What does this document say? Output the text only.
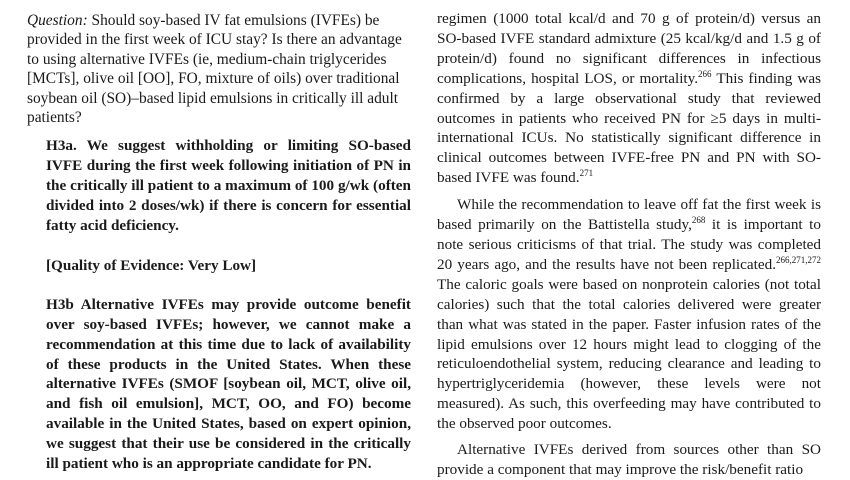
Question: Should soy-based IV fat emulsions (IVFEs) be provided in the first week of ICU stay? Is there an advantage to using alternative IVFEs (ie, medium-chain triglycerides [MCTs], olive oil [OO], FO, mixture of oils) over traditional soybean oil (SO)–based lipid emulsions in critically ill adult patients?

H3a. We suggest withholding or limiting SO-based IVFE during the first week following initiation of PN in the critically ill patient to a maximum of 100 g/wk (often divided into 2 doses/wk) if there is concern for essential fatty acid deficiency.

[Quality of Evidence: Very Low]

H3b Alternative IVFEs may provide outcome benefit over soy-based IVFEs; however, we cannot make a recommendation at this time due to lack of availability of these products in the United States. When these alternative IVFEs (SMOF [soybean oil, MCT, olive oil, and fish oil emulsion], MCT, OO, and FO) become available in the United States, based on expert opinion, we suggest that their use be considered in the critically ill patient who is an appropriate candidate for PN.

regimen (1000 total kcal/d and 70 g of protein/d) versus an SO-based IVFE standard admixture (25 kcal/kg/d and 1.5 g of protein/d) found no significant differences in infectious complications, hospital LOS, or mortality.$^{266}$ This finding was confirmed by a large observational study that reviewed outcomes in patients who received PN for ≥5 days in multi-international ICUs. No statistically significant difference in clinical outcomes between IVFE-free PN and PN with SO-based IVFE was found.$^{271}$

While the recommendation to leave off fat the first week is based primarily on the Battistella study,$^{268}$ it is important to note serious criticisms of that trial. The study was completed 20 years ago, and the results have not been replicated.$^{266,271,272}$ The caloric goals were based on nonprotein calories (not total calories) such that the total calories delivered were greater than what was stated in the paper. Faster infusion rates of the lipid emulsions over 12 hours might lead to clogging of the reticuloendothelial system, reducing clearance and leading to hypertriglyceridemia (however, these levels were not measured). As such, this overfeeding may have contributed to the observed poor outcomes.

Alternative IVFEs derived from sources other than SO provide a component that may improve the risk/benefit ratio
